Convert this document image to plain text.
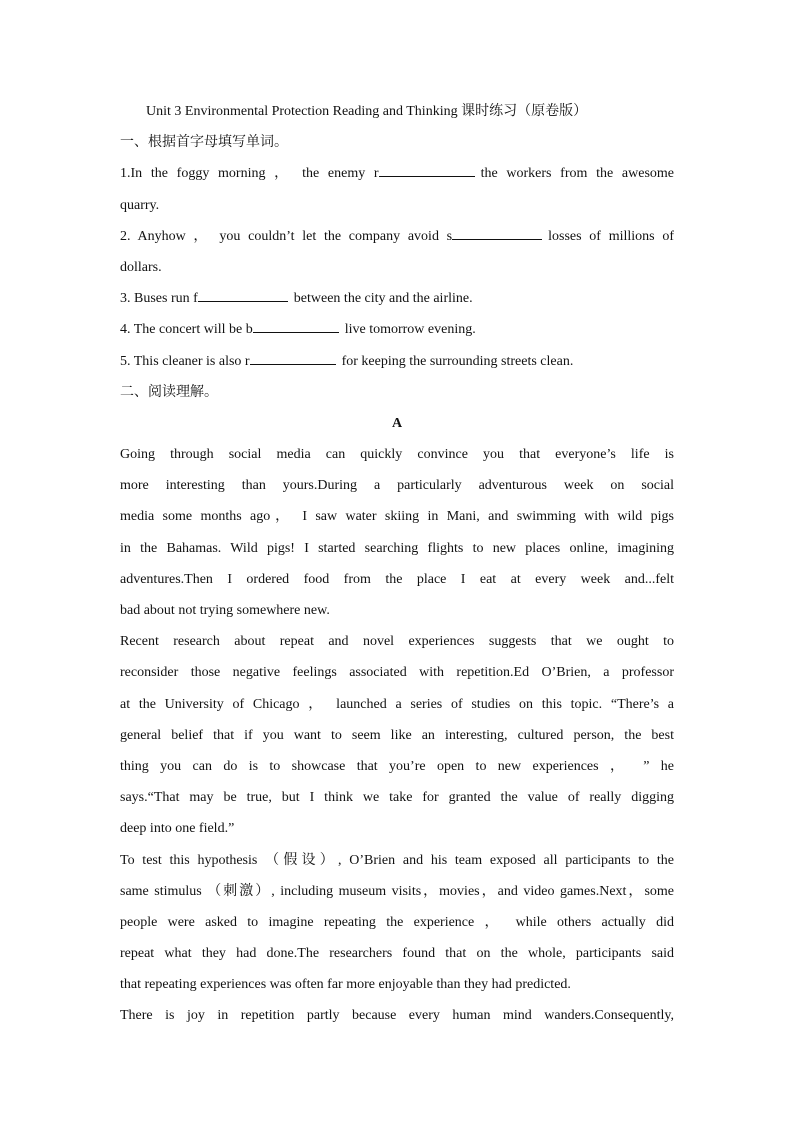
Unit 3 Environmental Protection Reading and Thinking 课时练习（原卷版）
一、根据首字母填写单词。
1.In the foggy morning ， the enemy r	the workers from the awesome
quarry.
2. Anyhow ， you couldn’t let the company avoid s	losses of millions of
dollars.
3. Buses run f	between the city and the airline.
4. The concert will be b	live tomorrow evening.
5. This cleaner is also r	for keeping the surrounding streets clean.
二、阅读理解。
A
Going through social media can quickly convince you that everyone’s life is
more interesting than yours.During a particularly adventurous week on social
media some months ago， I saw water skiing in Mani, and swimming with wild pigs
in the Bahamas. Wild pigs! I started searching flights to new places online, imagining
adventures.Then I ordered food from the place I eat at every week and...felt
bad about not trying somewhere new.
Recent research about repeat and novel experiences suggests that we ought to
reconsider those negative feelings associated with repetition.Ed O’Brien, a professor
at the University of Chicago ， launched a series of studies on this topic. “There’s a
general belief that if you want to seem like an interesting, cultured person, the best
thing you can do is to showcase that you’re open to new experiences ， ” he
says.“That may be true, but I think we take for granted the value of really digging
deep into one field.”
To test this hypothesis （假设）, O’Brien and his team exposed all participants to the
same stimulus （刺激）, including museum visits，movies，and video games.Next，some
people were asked to imagine repeating the experience ， while others actually did
repeat what they had done.The researchers found that on the whole, participants said
that repeating experiences was often far more enjoyable than they had predicted.
There is joy in repetition partly because every human mind wanders.Consequently,
